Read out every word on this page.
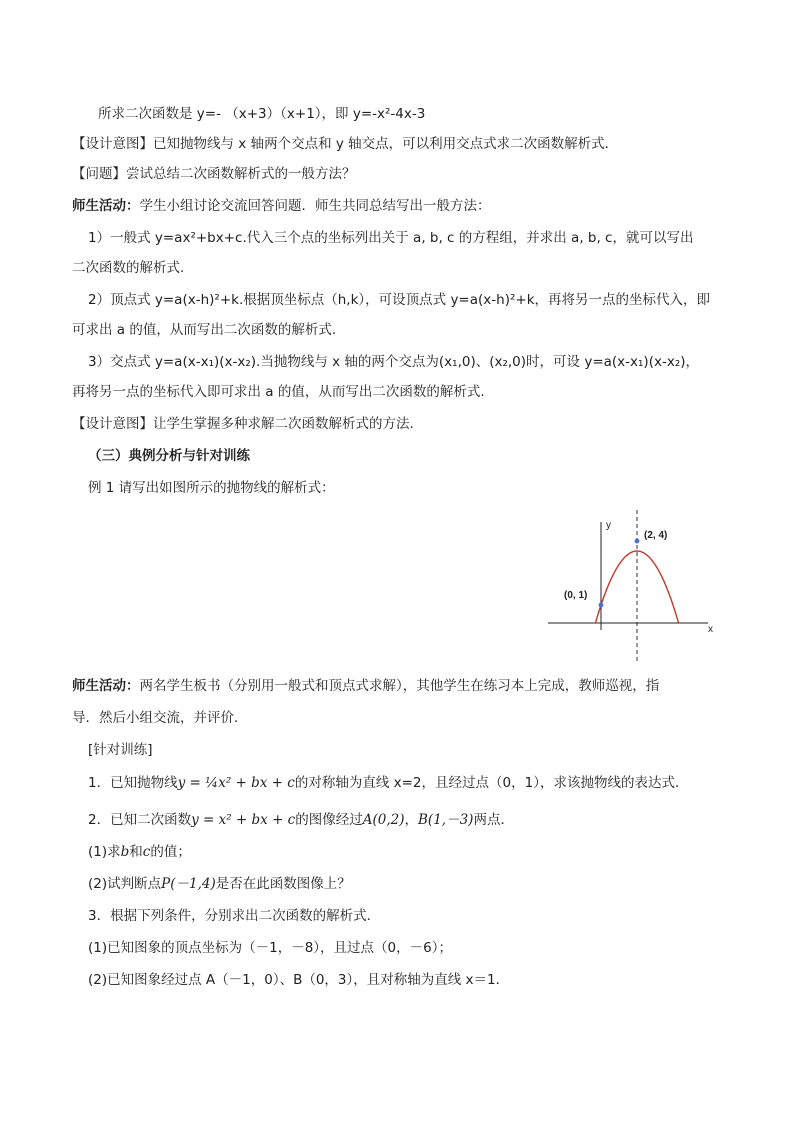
所求二次函数是 y=- （x+3）（x+1），即 y=-x²-4x-3
【设计意图】已知抛物线与 x 轴两个交点和 y 轴交点，可以利用交点式求二次函数解析式．
【问题】尝试总结二次函数解析式的一般方法？
师生活动：学生小组讨论交流回答问题．师生共同总结写出一般方法：
1）一般式 y=ax²+bx+c.代入三个点的坐标列出关于 a, b, c 的方程组，并求出 a, b, c，就可以写出
二次函数的解析式.
2）顶点式 y=a(x-h)²+k.根据顶坐标点（h,k），可设顶点式 y=a(x-h)²+k，再将另一点的坐标代入，即
可求出 a 的值，从而写出二次函数的解析式.
3）交点式 y=a(x-x₁)(x-x₂).当抛物线与 x 轴的两个交点为(x₁,0)、(x₂,0)时，可设 y=a(x-x₁)(x-x₂)，
再将另一点的坐标代入即可求出 a 的值，从而写出二次函数的解析式.
【设计意图】让学生掌握多种求解二次函数解析式的方法.
（三）典例分析与针对训练
例 1 请写出如图所示的抛物线的解析式：
y
x
(2, 4)
(0, 1)
师生活动：两名学生板书（分别用一般式和顶点式求解），其他学生在练习本上完成，教师巡视，指
导．然后小组交流，并评价．
[针对训练]
1．已知抛物线y = ¼x² + bx + c的对称轴为直线 x=2，且经过点（0，1），求该抛物线的表达式．
2．已知二次函数y = x² + bx + c的图像经过A(0,2)，B(1,－3)两点．
(1)求b和c的值；
(2)试判断点P(－1,4)是否在此函数图像上？
3．根据下列条件，分别求出二次函数的解析式．
(1)已知图象的顶点坐标为（－1，－8），且过点（0，－6）；
(2)已知图象经过点 A（－1，0）、B（0，3），且对称轴为直线 x＝1．
